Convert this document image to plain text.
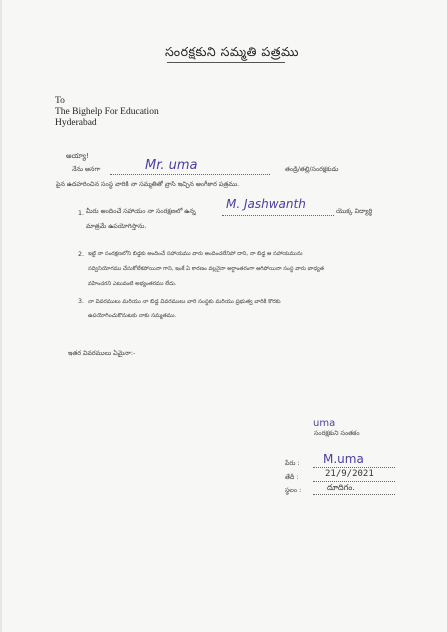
సంరక్షకుని సమ్మతి పత్రము
To
The Bighelp For Education
Hyderabad
అయ్యా!
నేను అనగా	Mr. uma	తండ్రి/తల్లి/సంరక్షకుడు
పైన ఉదహరించిన సంస్థ వారికి నా సమ్మతితో వ్రాసి ఇచ్చిన అంగీకార పత్రము.
1. మీరు అందించే సహాయం నా సంరక్షణలో ఉన్న
M. Jashwanth
యొక్క విద్యార్థి
మాత్రమే ఉపయోగిస్తాను.
2. ఇట్టి నా సంరక్షణలోని బిడ్డకు అందించే సహాయము వారు అందించలేనిపో దాని, నా బిడ్డ ఆ సహాయమును
సద్వినియోగము చేసుకోలేకపోయినా గాని, ఇంకే ఏ కారణం వల్లనైనా అర్ధాంతరంగా ఆగిపోయినా సంస్థ వారు బాధ్యత
వహించరని ఎటువంటి అభ్యంతరము లేదు.
3. నా వివరములు మరియు నా బిడ్డ వివరములు వారి సంస్థకు మరియు ప్రభుత్వ వారికి కొరకు
ఉపయోగించుకొనుటకు నాకు సమ్మతము.
ఇతర వివరములు ఏమైనా:-
uma
సంరక్షకుని సంతకం
పేరు : M.uma
తేదీ :	21/9/2021
స్థలం :	దూదిగం.
